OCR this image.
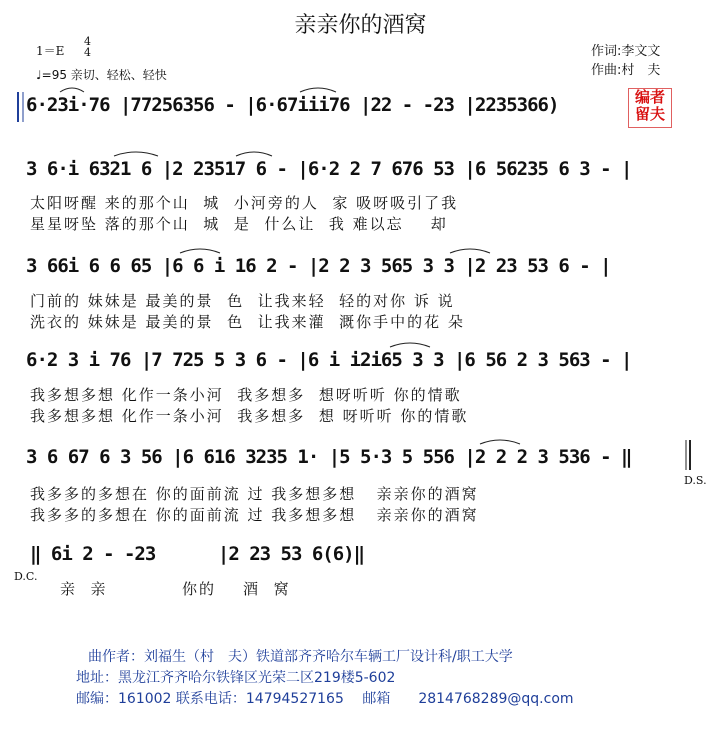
亲亲你的酒窝
1＝E
4
4
♩=95 亲切、轻松、轻快
作词:李文文
作曲:村　夫
编者
留夫
6·23i·76 |77256356 - |6·67iii76 |22 - -23 |2235366)
3 6·i 6321 6 |2 23517 6 - |6·2 2 7 676 53 |6 56235 6 3 - |
太阳呀醒 来的那个山  城  小河旁的人  家 吸呀吸引了我
星星呀坠 落的那个山  城  是  什么让  我 难以忘    却
3 66i 6 6 65 |6 6 i 16 2 - |2 2 3 565 3 3 |2 23 53 6 - |
门前的 妹妹是 最美的景  色  让我来轻  轻的对你 诉 说
洗衣的 妹妹是 最美的景  色  让我来灌  溉你手中的花 朵
6·2 3 i 76 |7 725 5 3 6 - |6 i i2i65 3 3 |6 56 2 3 563 - |
我多想多想 化作一条小河  我多想多  想呀听听 你的情歌
我多想多想 化作一条小河  我多想多  想 呀听听 你的情歌
3 6 67 6 3 56 |6 616 3235 1· |5 5·3 5 556 |2 2 2 3 536 - ‖
D.S.
我多多的多想在 你的面前流 过 我多想多想   亲亲你的酒窝
我多多的多想在 你的面前流 过 我多想多想   亲亲你的酒窝
‖ 6i 2 - -23      |2 23 53 6(6)‖
D.C.
亲  亲           你的    酒  窝
曲作者：刘福生（村　夫）铁道部齐齐哈尔车辆工厂设计科/职工大学
地址：黑龙江齐齐哈尔铁锋区光荣二区219楼5-602
邮编：161002 联系电话：14794527165　 邮箱　　2814768289@qq.com
